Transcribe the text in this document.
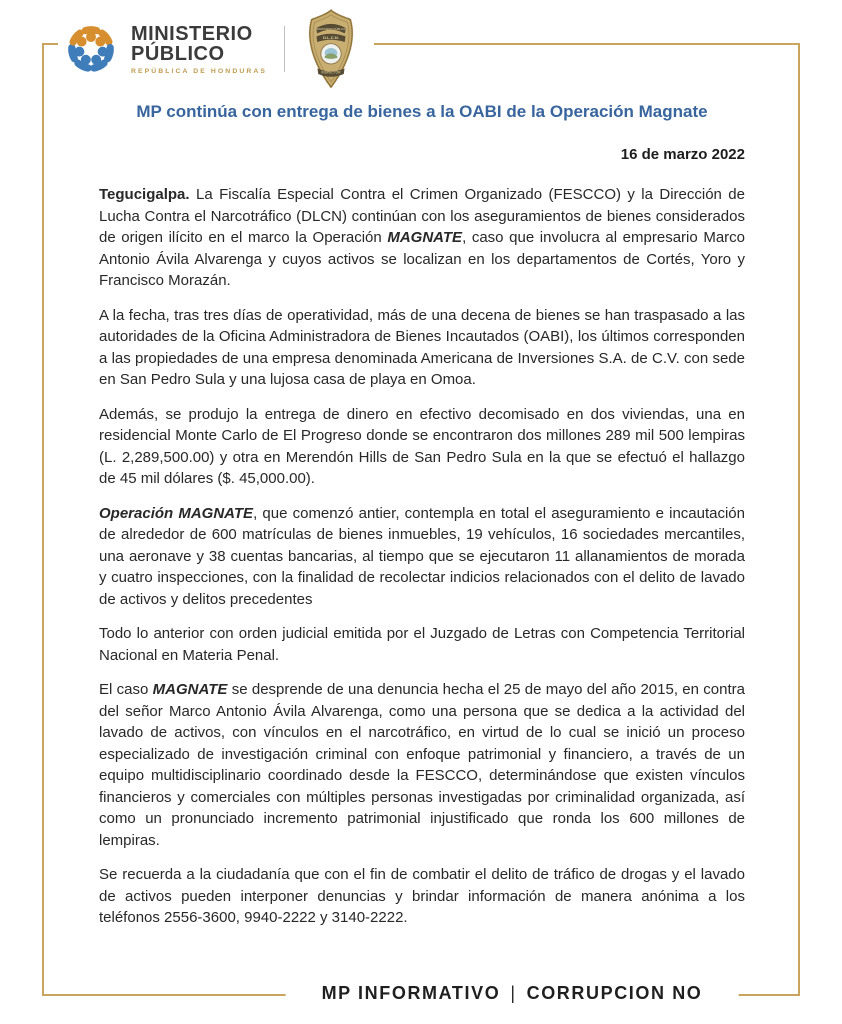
MINISTERIO
PÚBLICO
REPÚBLICA DE HONDURAS
MINISTERIO PÚBLICO
D.L.C.N.
INSPECTOR
MP continúa con entrega de bienes a la OABI de la Operación Magnate
16 de marzo 2022

Tegucigalpa. La Fiscalía Especial Contra el Crimen Organizado (FESCCO) y la Dirección de Lucha Contra el Narcotráfico (DLCN) continúan con los aseguramientos de bienes considerados de origen ilícito en el marco la Operación MAGNATE, caso que involucra al empresario Marco Antonio Ávila Alvarenga y cuyos activos se localizan en los departamentos de Cortés, Yoro y Francisco Morazán.

A la fecha, tras tres días de operatividad, más de una decena de bienes se han traspasado a las autoridades de la Oficina Administradora de Bienes Incautados (OABI), los últimos corresponden a las propiedades de una empresa denominada Americana de Inversiones S.A. de C.V. con sede en San Pedro Sula y una lujosa casa de playa en Omoa.

Además, se produjo la entrega de dinero en efectivo decomisado en dos viviendas, una en residencial Monte Carlo de El Progreso donde se encontraron dos millones 289 mil 500 lempiras (L. 2,289,500.00) y otra en Merendón Hills de San Pedro Sula en la que se efectuó el hallazgo de 45 mil dólares ($. 45,000.00).

Operación MAGNATE, que comenzó antier, contempla en total el aseguramiento e incautación de alrededor de 600 matrículas de bienes inmuebles, 19 vehículos, 16 sociedades mercantiles, una aeronave y 38 cuentas bancarias, al tiempo que se ejecutaron 11 allanamientos de morada y cuatro inspecciones, con la finalidad de recolectar indicios relacionados con el delito de lavado de activos y delitos precedentes

Todo lo anterior con orden judicial emitida por el Juzgado de Letras con Competencia Territorial Nacional en Materia Penal.

El caso MAGNATE se desprende de una denuncia hecha el 25 de mayo del año 2015, en contra del señor Marco Antonio Ávila Alvarenga, como una persona que se dedica a la actividad del lavado de activos, con vínculos en el narcotráfico, en virtud de lo cual se inició un proceso especializado de investigación criminal con enfoque patrimonial y financiero, a través de un equipo multidisciplinario coordinado desde la FESCCO, determinándose que existen vínculos financieros y comerciales con múltiples personas investigadas por criminalidad organizada, así como un pronunciado incremento patrimonial injustificado que ronda los 600 millones de lempiras.

Se recuerda a la ciudadanía que con el fin de combatir el delito de tráfico de drogas y el lavado de activos pueden interponer denuncias y brindar información de manera anónima a los teléfonos 2556-3600, 9940-2222 y 3140-2222.

MP INFORMATIVO | CORRUPCION NO
